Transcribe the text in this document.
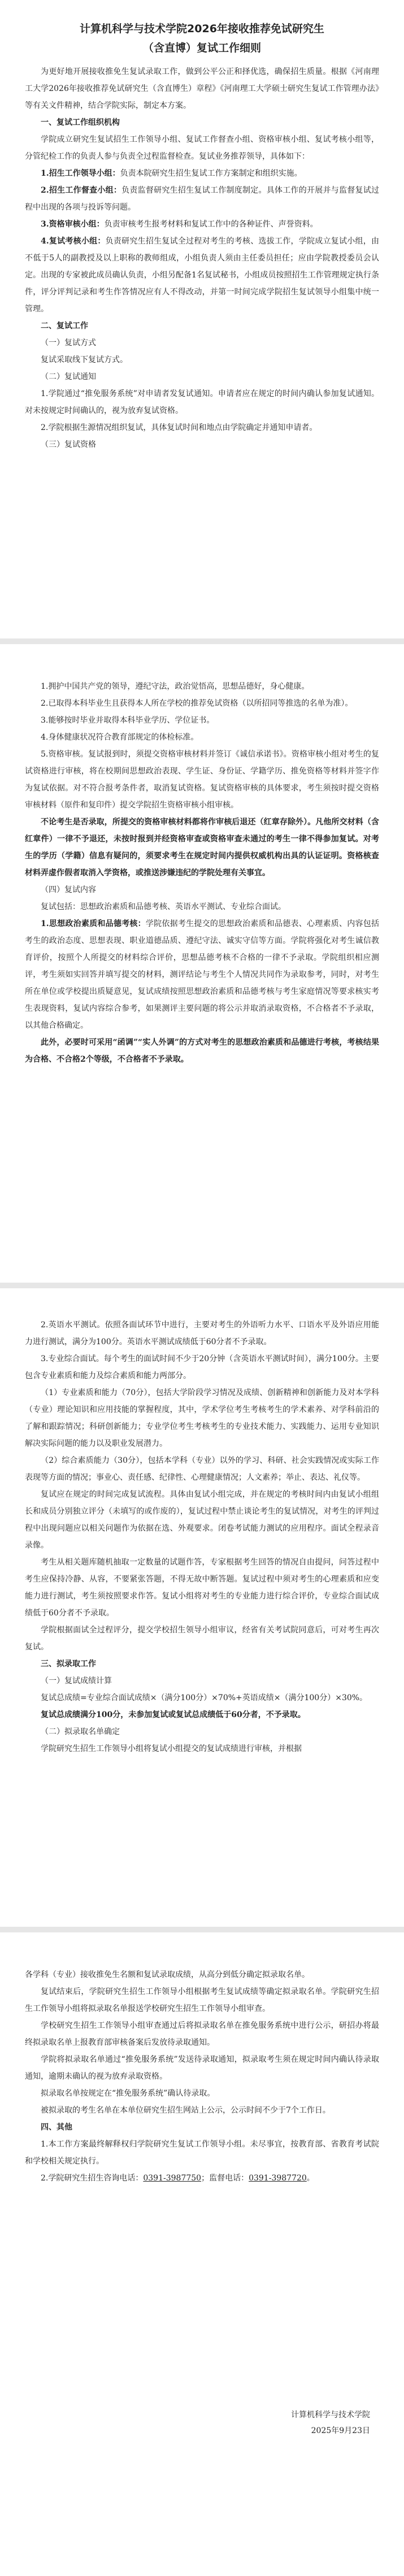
计算机科学与技术学院2026年接收推荐免试研究生
（含直博）复试工作细则

为更好地开展接收推免生复试录取工作，做到公平公正和择优选，确保招生质量。根据《河南理工大学2026年接收推荐免试研究生（含直博生）章程》《河南理工大学硕士研究生复试工作管理办法》等有关文件精神，结合学院实际，制定本方案。

一、复试工作组织机构

学院成立研究生复试招生工作领导小组、复试工作督查小组、资格审核小组、复试考核小组等，分管纪检工作的负责人参与负责全过程监督检查。复试业务推荐领导，具体如下：

1.招生工作领导小组：负责本院研究生招生复试工作方案制定和组织实施。

2.招生工作督查小组：负责监督研究生招生复试工作制度制定。具体工作的开展并与监督复试过程中出现的各项与投诉等问题。

3.资格审核小组：负责审核考生报考材料和复试工作中的各种证件、声誉资料。

4.复试考核小组：负责研究生招生复试全过程对考生的考核、选拔工作，学院成立复试小组，由不低于5人的副教授及以上职称的教师组成，小组负责人须由主任委员担任；应由学院教授委员会认定。出现的专家被此成员确认负责，小组另配备1名复试秘书，小组成员按照招生工作管理规定执行条件，评分评判记录和考生作答情况应有人不得改动，并第一时间完成学院招生复试领导小组集中统一管理。

二、复试工作

（一）复试方式

复试采取线下复试方式。

（二）复试通知

1.学院通过“推免服务系统”对申请者发复试通知。申请者应在规定的时间内确认参加复试通知。对未按规定时间确认的，视为放弃复试资格。

2.学院根据生源情况组织复试，具体复试时间和地点由学院确定并通知申请者。

（三）复试资格

1.拥护中国共产党的领导，遵纪守法，政治觉悟高，思想品德好，身心健康。

2.已取得本科毕业生且获得本人所在学校的推荐免试资格（以所招同等推选的名单为准）。

3.能够按时毕业并取得本科毕业学历、学位证书。

4.身体健康状况符合教育部规定的体检标准。

5.资格审核。复试报到时，须提交资格审核材料并签订《诚信承诺书》。资格审核小组对考生的复试资格进行审核，将在校期间思想政治表现、学生证、身份证、学籍学历、推免资格等材料并签字作为复试依据。对不符合报考条件者，取消复试资格。复试资格审核的具体要求，考生须按时提交资格审核材料（原件和复印件）提交学院招生资格审核小组审核。

不论考生是否录取，所提交的资格审核材料都将作审核后退还（红章存除外）。凡他所交材料（含红章件）一律不予退还，未按时报到并经资格审查或资格审查未通过的考生一律不得参加复试。对考生的学历（学籍）信息有疑问的，须要求考生在规定时间内提供权威机构出具的认证证明。资格核查材料弄虚作假者取消入学资格，或推送涉嫌违纪的学院处理有关事宜。

（四）复试内容

复试包括：思想政治素质和品德考核、英语水平测试、专业综合面试。

1.思想政治素质和品德考核：学院依据考生提交的思想政治素质和品德表、心理素质、内容包括考生的政治态度、思想表现、职业道德品质、遵纪守法、诚实守信等方面。学院将强化对考生诚信教育评价，按照个人所提交的材料综合评价，思想品德考核不合格的一律不予录取。学院组织相应测评，考生须如实回答并填写提交的材料，测评结论与考生个人情况共同作为录取参考，同时，对考生所在单位或学校提出质疑意见，复试成绩按照思想政治素质和品德考核与考生家庭情况等要求核实考生表现资料，复试内容综合参考，如果测评主要问题的将公示并取消录取资格，不合格者不予录取，以其他合格确定。

此外，必要时可采用“函调”“实人外调”的方式对考生的思想政治素质和品德进行考核，考核结果为合格、不合格2个等级，不合格者不予录取。

2.英语水平测试。依照各面试环节中进行，主要对考生的外语听力水平、口语水平及外语应用能力进行测试，满分为100分。英语水平测试成绩低于60分者不予录取。

3.专业综合面试。每个考生的面试时间不少于20分钟（含英语水平测试时间），满分100分。主要包含专业素质和能力及综合素质和能力两部分。

（1）专业素质和能力（70分），包括大学阶段学习情况及成绩、创新精神和创新能力及对本学科（专业）理论知识和应用技能的掌握程度，其中，学术学位考生考核考生的学术素养、对学科前沿的了解和跟踪情况；科研创新能力；专业学位考生考核考生的专业技术能力、实践能力、运用专业知识解决实际问题的能力以及职业发展潜力。

（2）综合素质能力（30分），包括本学科（专业）以外的学习、科研、社会实践情况或实际工作表现等方面的情况；事业心、责任感、纪律性、心理健康情况；人文素养；举止、表达、礼仪等。

复试应在规定的时间完成复试流程。具体由复试小组完成，并在规定的考核时间内由复试小组组长和成员分别独立评分（未填写的或作废的），复试过程中禁止谈论考生的复试情况，对考生的评判过程中出现问题应以相关问题作为依据在选、外观要求。闭卷考试能力测试的应用程序。面试全程录音录像。

考生从相关题库随机抽取一定数量的试题作答，专家根据考生回答的情况自由提问，问答过程中考生应保持冷静、从容，不要紧张答题，不得无故中断答题。复试过程中须对考生的心理素质和应变能力进行测试，考生须按照要求作答。复试小组将对考生的专业能力进行综合评价，专业综合面试成绩低于60分者不予录取。

学院根据面试全过程评分，提交学校招生领导小组审议，经省有关考试院同意后，可对考生再次复试。

三、拟录取工作

（一）复试成绩计算

复试总成绩=专业综合面试成绩×（满分100分）×70%+英语成绩×（满分100分）×30%。

复试总成绩满分100分，未参加复试或复试总成绩低于60分者，不予录取。

（二）拟录取名单确定

学院研究生招生工作领导小组将复试小组提交的复试成绩进行审核，并根据

各学科（专业）接收推免生名额和复试录取成绩，从高分到低分确定拟录取名单。

复试结束后，学院研究生招生工作领导小组根据考生复试成绩等确定拟录取名单。学院研究生招生工作领导小组将拟录取名单报送学校研究生招生工作领导小组审查。

学校研究生招生工作领导小组审查通过后将拟录取名单在推免服务系统中进行公示，研招办将最终拟录取名单上报教育部审核备案后发放待录取通知。

学院将拟录取名单通过“推免服务系统”发送待录取通知，拟录取考生须在规定时间内确认待录取通知，逾期未确认的视为放弃录取资格。

拟录取名单按规定在“推免服务系统”确认待录取。

被拟录取的考生名单在本单位研究生招生网站上公示，公示时间不少于7个工作日。

四、其他

1.本工作方案最终解释权归学院研究生复试工作领导小组。未尽事宜，按教育部、省教育考试院和学校相关规定执行。

2.学院研究生招生咨询电话：0391-3987750；监督电话：0391-3987720。

计算机科学与技术学院
2025年9月23日
